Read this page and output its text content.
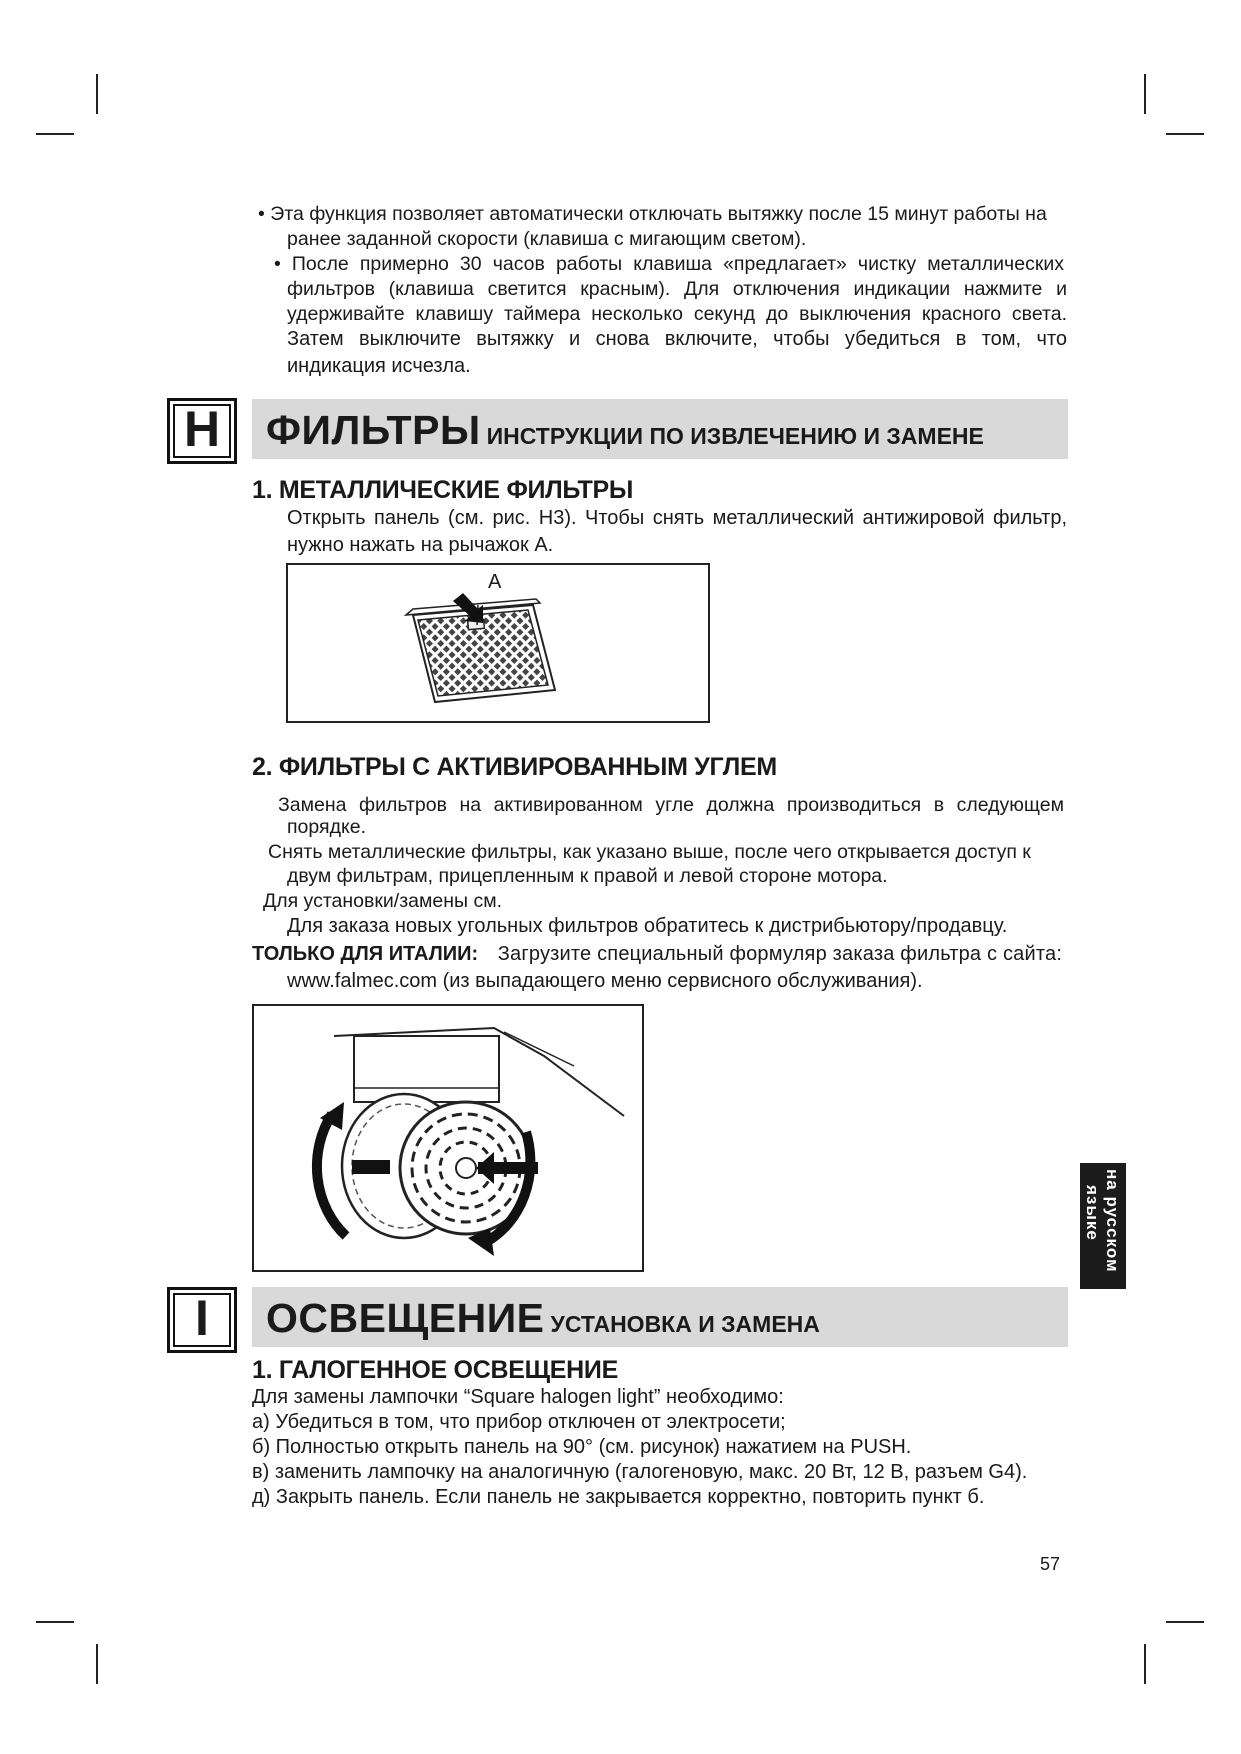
• Эта функция позволяет автоматически отключать вытяжку после 15 минут работы на
ранее заданной скорости (клавиша с мигающим светом).
• После примерно 30 часов работы клавиша «предлагает» чистку металлических
фильтров (клавиша светится красным). Для отключения индикации нажмите и
удерживайте клавишу таймера несколько секунд до выключения красного света.
Затем выключите вытяжку и снова включите, чтобы убедиться в том, что
индикация исчезла.
H	ФИЛЬТРЫ ИНСТРУКЦИИ ПО ИЗВЛЕЧЕНИЮ И ЗАМЕНЕ
1. МЕТАЛЛИЧЕСКИЕ ФИЛЬТРЫ
Открыть панель (см. рис. H3). Чтобы снять металлический антижировой фильтр,
нужно нажать на рычажок А.
A
2. ФИЛЬТРЫ С АКТИВИРОВАННЫМ УГЛЕМ
Замена фильтров на активированном угле должна производиться в следующем
порядке.
Снять металлические фильтры, как указано выше, после чего открывается доступ к
двум фильтрам, прицепленным к правой и левой стороне мотора.
Для установки/замены см.
Для заказа новых угольных фильтров обратитесь к дистрибьютору/продавцу.
ТОЛЬКО ДЛЯ ИТАЛИИ: Загрузите специальный формуляр заказа фильтра с сайта:
www.falmec.com (из выпадающего меню сервисного обслуживания).
на русском
языке
I	ОСВЕЩЕНИЕ УСТАНОВКА И ЗАМЕНА
1. ГАЛОГЕННОЕ ОСВЕЩЕНИЕ
Для замены лампочки “Square halogen light” необходимо:
а) Убедиться в том, что прибор отключен от электросети;
б) Полностью открыть панель на 90° (см. рисунок) нажатием на PUSH.
в) заменить лампочку на аналогичную (галогеновую, макс. 20 Вт, 12 В, разъем G4).
д) Закрыть панель. Если панель не закрывается корректно, повторить пункт б.
57
